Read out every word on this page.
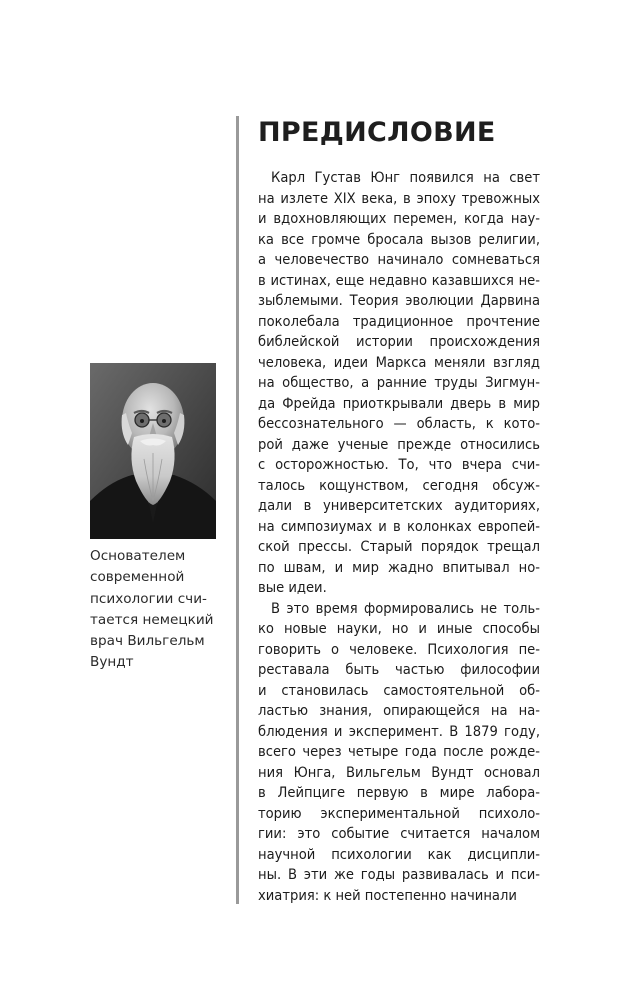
Основателем
современной
психологии счи-
тается немецкий
врач Вильгельм
Вундт
ПРЕДИСЛОВИЕ

Карл Густав Юнг появился на свет
на излете XIX века, в эпоху тревожных
и вдохновляющих перемен, когда нау-
ка все громче бросала вызов религии,
а человечество начинало сомневаться
в истинах, еще недавно казавшихся не-
зыблемыми. Теория эволюции Дарвина
поколебала традиционное прочтение
библейской истории происхождения
человека, идеи Маркса меняли взгляд
на общество, а ранние труды Зигмун-
да Фрейда приоткрывали дверь в мир
бессознательного — область, к кото-
рой даже ученые прежде относились
с осторожностью. То, что вчера счи-
талось кощунством, сегодня обсуж-
дали в университетских аудиториях,
на симпозиумах и в колонках европей-
ской прессы. Старый порядок трещал
по швам, и мир жадно впитывал но-
вые идеи.

В это время формировались не толь-
ко новые науки, но и иные способы
говорить о человеке. Психология пе-
реставала быть частью философии
и становилась самостоятельной об-
ластью знания, опирающейся на на-
блюдения и эксперимент. В 1879 году,
всего через четыре года после рожде-
ния Юнга, Вильгельм Вундт основал
в Лейпциге первую в мире лабора-
торию экспериментальной психоло-
гии: это событие считается началом
научной психологии как дисципли-
ны. В эти же годы развивалась и пси-
хиатрия: к ней постепенно начинали
